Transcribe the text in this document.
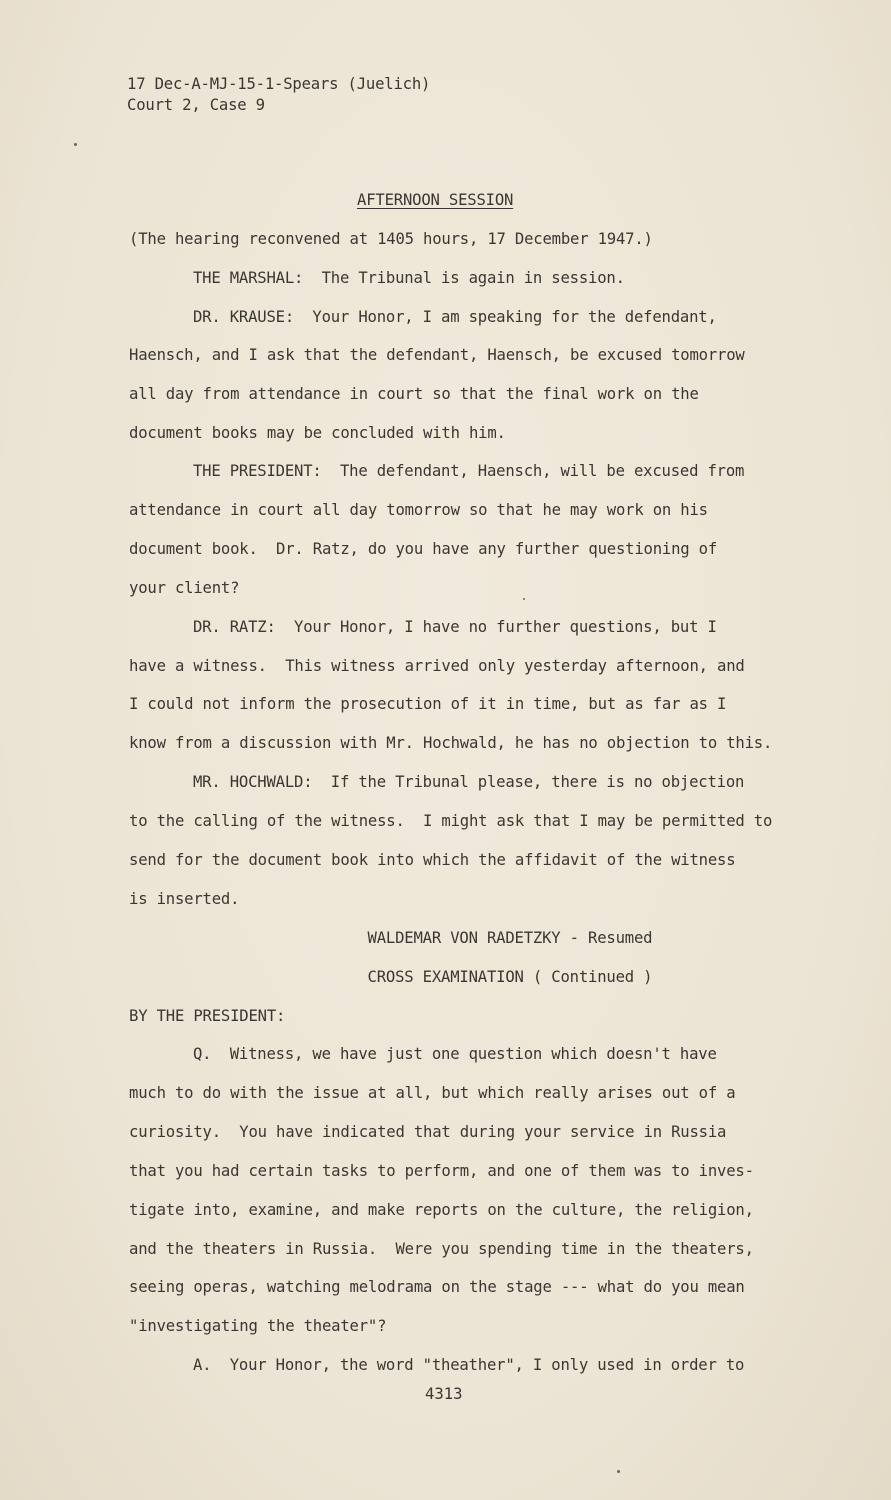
17 Dec-A-MJ-15-1-Spears (Juelich)
Court 2, Case 9
AFTERNOON SESSION
(The hearing reconvened at 1405 hours, 17 December 1947.)
THE MARSHAL:  The Tribunal is again in session.
DR. KRAUSE:  Your Honor, I am speaking for the defendant,
Haensch, and I ask that the defendant, Haensch, be excused tomorrow
all day from attendance in court so that the final work on the
document books may be concluded with him.
THE PRESIDENT:  The defendant, Haensch, will be excused from
attendance in court all day tomorrow so that he may work on his
document book.  Dr. Ratz, do you have any further questioning of
your client?
DR. RATZ:  Your Honor, I have no further questions, but I
have a witness.  This witness arrived only yesterday afternoon, and
I could not inform the prosecution of it in time, but as far as I
know from a discussion with Mr. Hochwald, he has no objection to this.
MR. HOCHWALD:  If the Tribunal please, there is no objection
to the calling of the witness.  I might ask that I may be permitted to
send for the document book into which the affidavit of the witness
is inserted.
WALDEMAR VON RADETZKY - Resumed
CROSS EXAMINATION ( Continued )
BY THE PRESIDENT:
Q.  Witness, we have just one question which doesn't have
much to do with the issue at all, but which really arises out of a
curiosity.  You have indicated that during your service in Russia
that you had certain tasks to perform, and one of them was to inves-
tigate into, examine, and make reports on the culture, the religion,
and the theaters in Russia.  Were you spending time in the theaters,
seeing operas, watching melodrama on the stage --- what do you mean
"investigating the theater"?
A.  Your Honor, the word "theather", I only used in order to
4313
